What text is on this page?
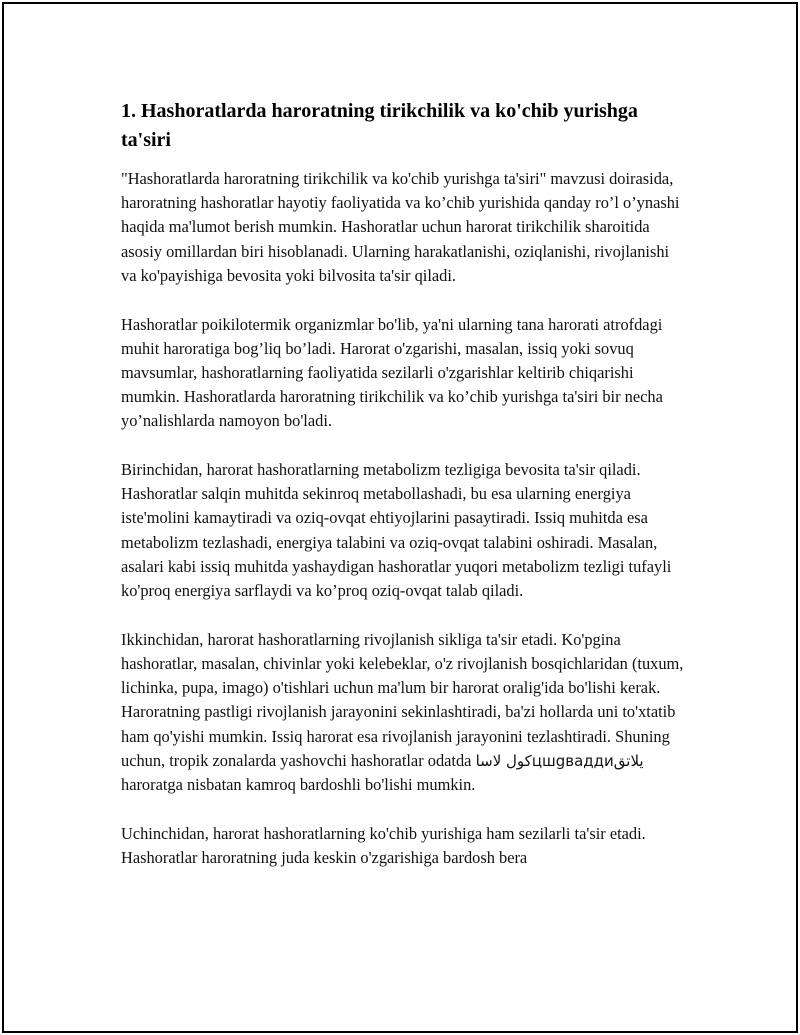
1. Hashoratlarda haroratning tirikchilik va ko'chib yurishga ta'siri

"Hashoratlarda haroratning tirikchilik va ko'chib yurishga ta'siri" mavzusi doirasida, haroratning hashoratlar hayotiy faoliyatida va ko’chib yurishida qanday ro’l o’ynashi haqida ma'lumot berish mumkin. Hashoratlar uchun harorat tirikchilik sharoitida asosiy omillardan biri hisoblanadi. Ularning harakatlanishi, oziqlanishi, rivojlanishi va ko'payishiga bevosita yoki bilvosita ta'sir qiladi.

Hashoratlar poikilotermik organizmlar bo'lib, ya'ni ularning tana harorati atrofdagi muhit haroratiga bog’liq bo’ladi. Harorat o'zgarishi, masalan, issiq yoki sovuq mavsumlar, hashoratlarning faoliyatida sezilarli o'zgarishlar keltirib chiqarishi mumkin. Hashoratlarda haroratning tirikchilik va ko’chib yurishga ta'siri bir necha yo’nalishlarda namoyon bo'ladi.

Birinchidan, harorat hashoratlarning metabolizm tezligiga bevosita ta'sir qiladi. Hashoratlar salqin muhitda sekinroq metabollashadi, bu esa ularning energiya iste'molini kamaytiradi va oziq-ovqat ehtiyojlarini pasaytiradi. Issiq muhitda esa metabolizm tezlashadi, energiya talabini va oziq-ovqat talabini oshiradi. Masalan, asalari kabi issiq muhitda yashaydigan hashoratlar yuqori metabolizm tezligi tufayli ko'proq energiya sarflaydi va ko’proq oziq-ovqat talab qiladi.

Ikkinchidan, harorat hashoratlarning rivojlanish sikliga ta'sir etadi. Ko'pgina hashoratlar, masalan, chivinlar yoki kelebeklar, o'z rivojlanish bosqichlaridan (tuxum, lichinka, pupa, imago) o'tishlari uchun ma'lum bir harorat oralig'ida bo'lishi kerak. Haroratning pastligi rivojlanish jarayonini sekinlashtiradi, ba'zi hollarda uni to'xtatib ham qo'yishi mumkin. Issiq harorat esa rivojlanish jarayonini tezlashtiradi. Shuning uchun, tropik zonalarda yashovchi hashoratlar odatda كول لاساцшgваддиيلاتق haroratga nisbatan kamroq bardoshli bo'lishi mumkin.

Uchinchidan, harorat hashoratlarning ko'chib yurishiga ham sezilarli ta'sir etadi. Hashoratlar haroratning juda keskin o'zgarishiga bardosh bera
